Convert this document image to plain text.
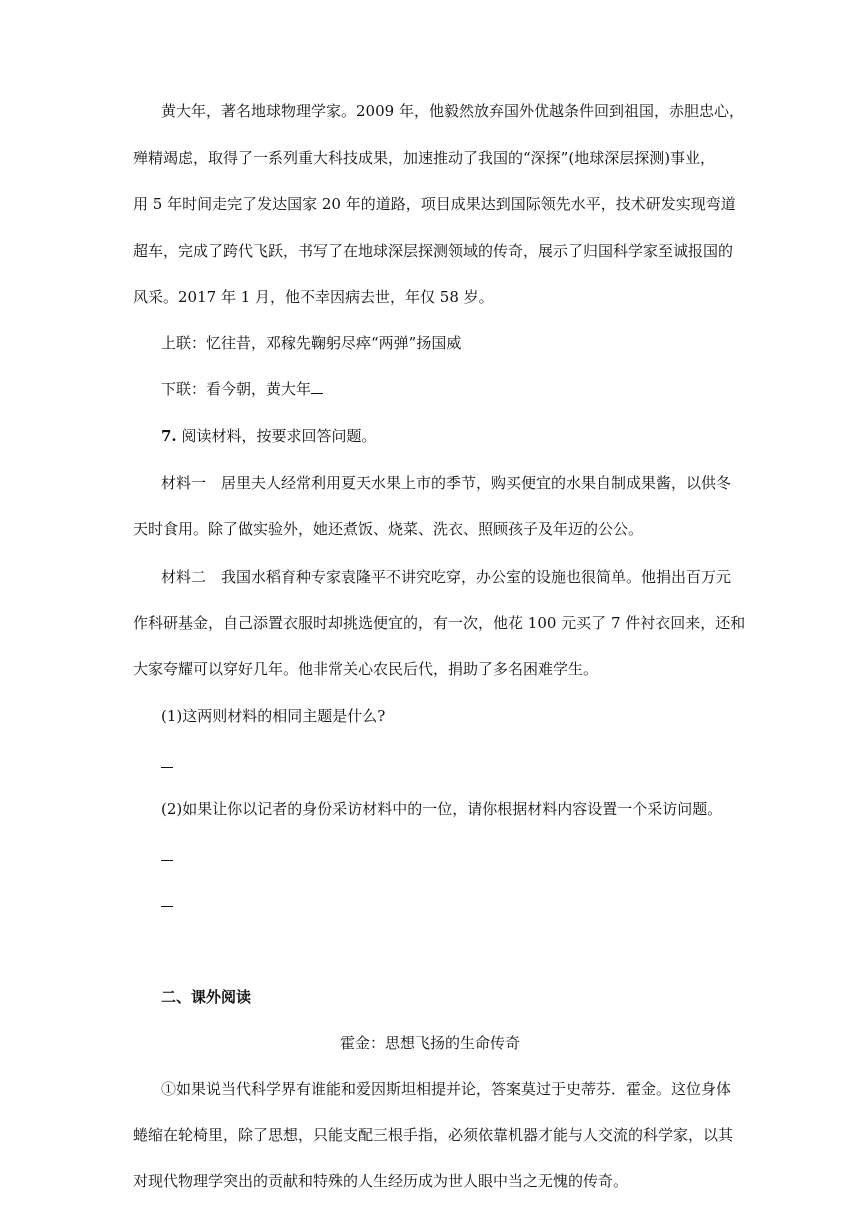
黄大年，著名地球物理学家。2009 年，他毅然放弃国外优越条件回到祖国，赤胆忠心，
殚精竭虑，取得了一系列重大科技成果，加速推动了我国的“深探”(地球深层探测)事业，
用 5 年时间走完了发达国家 20 年的道路，项目成果达到国际领先水平，技术研发实现弯道
超车，完成了跨代飞跃，书写了在地球深层探测领域的传奇，展示了归国科学家至诚报国的
风采。2017 年 1 月，他不幸因病去世，年仅 58 岁。
上联：忆往昔，邓稼先鞠躬尽瘁“两弹”扬国威
下联：看今朝，黄大年
7. 阅读材料，按要求回答问题。
材料一　居里夫人经常利用夏天水果上市的季节，购买便宜的水果自制成果酱，以供冬
天时食用。除了做实验外，她还煮饭、烧菜、洗衣、照顾孩子及年迈的公公。
材料二　我国水稻育种专家袁隆平不讲究吃穿，办公室的设施也很简单。他捐出百万元
作科研基金，自己添置衣服时却挑选便宜的，有一次，他花 100 元买了 7 件衬衣回来，还和
大家夸耀可以穿好几年。他非常关心农民后代，捐助了多名困难学生。
(1)这两则材料的相同主题是什么?
(2)如果让你以记者的身份采访材料中的一位，请你根据材料内容设置一个采访问题。
二、课外阅读
霍金：思想飞扬的生命传奇
①如果说当代科学界有谁能和爱因斯坦相提并论，答案莫过于史蒂芬．霍金。这位身体
蜷缩在轮椅里，除了思想，只能支配三根手指，必须依靠机器才能与人交流的科学家，以其
对现代物理学突出的贡献和特殊的人生经历成为世人眼中当之无愧的传奇。
